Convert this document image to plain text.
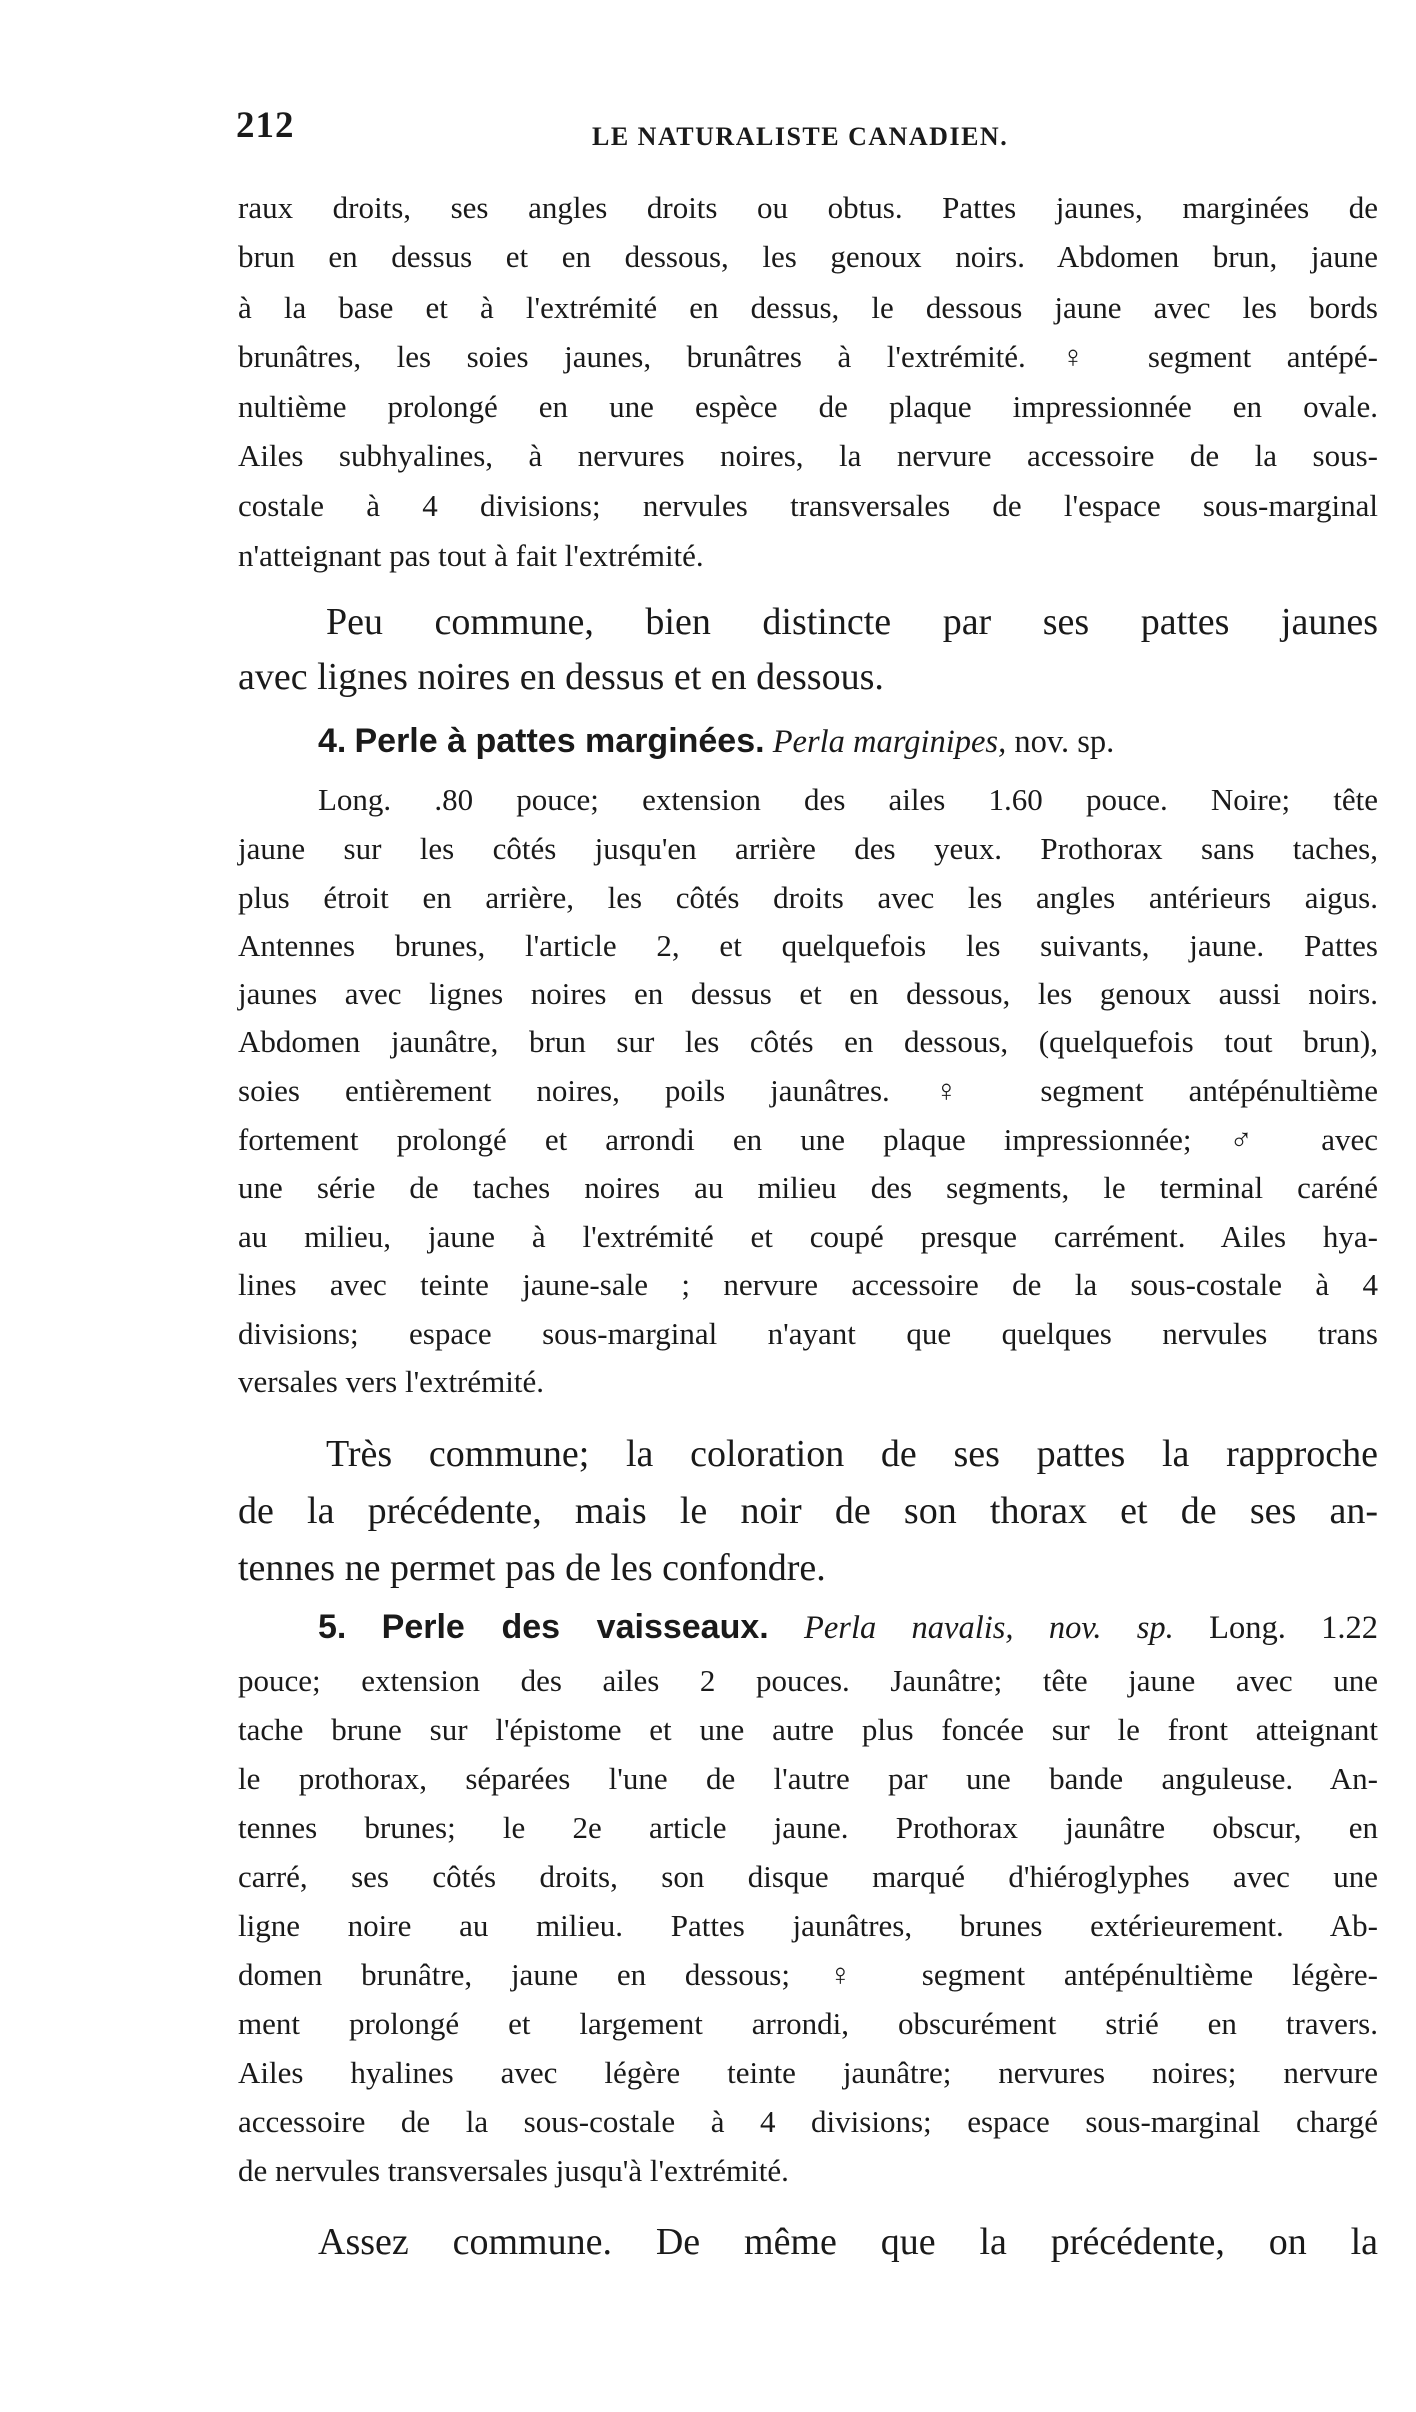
212	LE NATURALISTE CANADIEN.
raux droits, ses angles droits ou obtus. Pattes jaunes, marginées de
brun en dessus et en dessous, les genoux noirs. Abdomen brun, jaune
à la base et à l'extrémité en dessus, le dessous jaune avec les bords
brunâtres, les soies jaunes, brunâtres à l'extrémité. ♀ segment antépé-
nultième prolongé en une espèce de plaque impressionnée en ovale.
Ailes subhyalines, à nervures noires, la nervure accessoire de la sous-
costale à 4 divisions; nervules transversales de l'espace sous-marginal
n'atteignant pas tout à fait l'extrémité.
Peu commune, bien distincte par ses pattes jaunes
avec lignes noires en dessus et en dessous.
4. Perle à pattes marginées. Perla marginipes, nov. sp.
Long. .80 pouce; extension des ailes 1.60 pouce. Noire; tête
jaune sur les côtés jusqu'en arrière des yeux. Prothorax sans taches,
plus étroit en arrière, les côtés droits avec les angles antérieurs aigus.
Antennes brunes, l'article 2, et quelquefois les suivants, jaune. Pattes
jaunes avec lignes noires en dessus et en dessous, les genoux aussi noirs.
Abdomen jaunâtre, brun sur les côtés en dessous, (quelquefois tout brun),
soies entièrement noires, poils jaunâtres. ♀ segment antépénultième
fortement prolongé et arrondi en une plaque impressionnée; ♂ avec
une série de taches noires au milieu des segments, le terminal caréné
au milieu, jaune à l'extrémité et coupé presque carrément. Ailes hya-
lines avec teinte jaune-sale ; nervure accessoire de la sous-costale à 4
divisions; espace sous-marginal n'ayant que quelques nervules trans
versales vers l'extrémité.
Très commune; la coloration de ses pattes la rapproche
de la précédente, mais le noir de son thorax et de ses an-
tennes ne permet pas de les confondre.
5. Perle des vaisseaux. Perla navalis, nov. sp. Long. 1.22
pouce; extension des ailes 2 pouces. Jaunâtre; tête jaune avec une
tache brune sur l'épistome et une autre plus foncée sur le front atteignant
le prothorax, séparées l'une de l'autre par une bande anguleuse. An-
tennes brunes; le 2e article jaune. Prothorax jaunâtre obscur, en
carré, ses côtés droits, son disque marqué d'hiéroglyphes avec une
ligne noire au milieu. Pattes jaunâtres, brunes extérieurement. Ab-
domen brunâtre, jaune en dessous; ♀ segment antépénultième légère-
ment prolongé et largement arrondi, obscurément strié en travers.
Ailes hyalines avec légère teinte jaunâtre; nervures noires; nervure
accessoire de la sous-costale à 4 divisions; espace sous-marginal chargé
de nervules transversales jusqu'à l'extrémité.
Assez commune. De même que la précédente, on la
